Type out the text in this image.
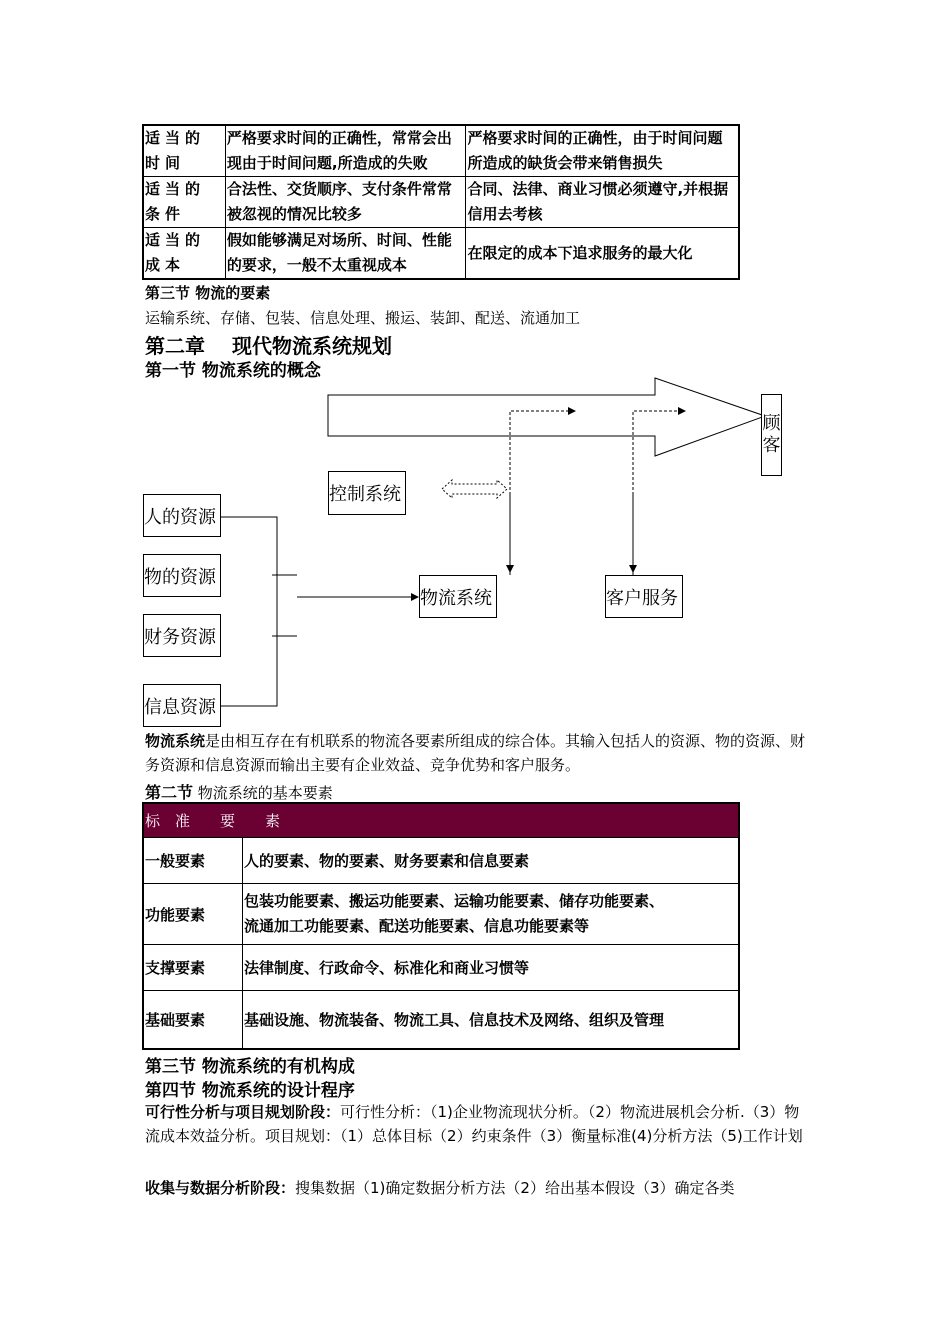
适当的时间	严格要求时间的正确性，常常会出现由于时间问题,所造成的失败	严格要求时间的正确性，由于时间问题所造成的缺货会带来销售损失
适当的条件	合法性、交货顺序、支付条件常常被忽视的情况比较多	合同、法律、商业习惯必须遵守,并根据信用去考核
适当的成本	假如能够满足对场所、时间、性能的要求，一般不太重视成本	在限定的成本下追求服务的最大化
第三节 物流的要素
运输系统、存储、包装、信息处理、搬运、装卸、配送、流通加工
第二章　 现代物流系统规划
第一节 物流系统的概念
顾客
控制系统
人的资源
物的资源
财务资源
信息资源
物流系统	客户服务
物流系统是由相互存在有机联系的物流各要素所组成的综合体。其输入包括人的资源、物的资源、财务资源和信息资源而输出主要有企业效益、竞争优势和客户服务。
第二节 物流系统的基本要素
标　准　　要　　素	
一般要素	人的要素、物的要素、财务要素和信息要素
功能要素	包装功能要素、搬运功能要素、运输功能要素、储存功能要素、流通加工功能要素、配送功能要素、信息功能要素等
支撑要素	法律制度、行政命令、标准化和商业习惯等
基础要素	基础设施、物流装备、物流工具、信息技术及网络、组织及管理
第三节 物流系统的有机构成
第四节 物流系统的设计程序
可行性分析与项目规划阶段：可行性分析：（1)企业物流现状分析。（2）物流进展机会分析.（3）物流成本效益分析。项目规划：（1）总体目标（2）约束条件（3）衡量标准(4)分析方法（5)工作计划
收集与数据分析阶段：搜集数据（1)确定数据分析方法（2）给出基本假设（3）确定各类
